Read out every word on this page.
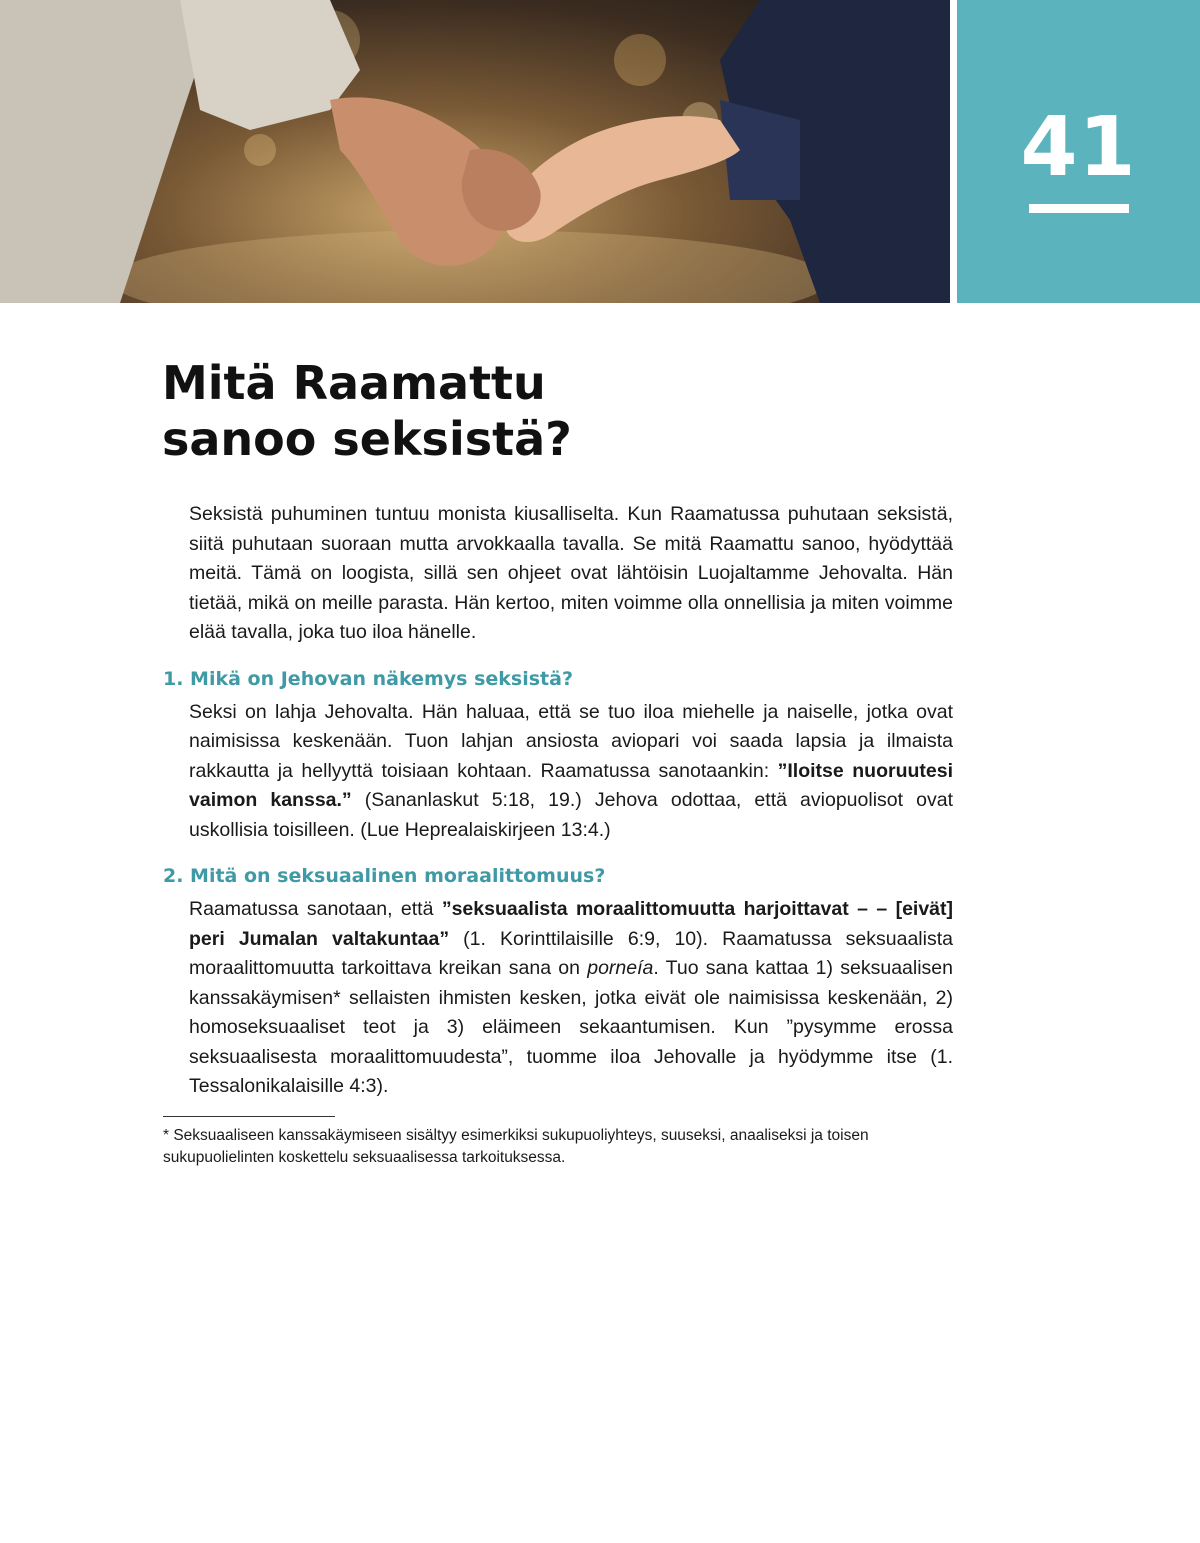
41
Mitä Raamattu
sanoo seksistä?

Seksistä puhuminen tuntuu monista kiusalliselta. Kun Raamatussa puhutaan seksistä, siitä puhutaan suoraan mutta arvokkaalla tavalla. Se mitä Raamattu sanoo, hyödyttää meitä. Tämä on loogista, sillä sen ohjeet ovat lähtöisin Luojaltamme Jehovalta. Hän tietää, mikä on meille parasta. Hän kertoo, miten voimme olla onnellisia ja miten voimme elää tavalla, joka tuo iloa hänelle.

1. Mikä on Jehovan näkemys seksistä?

Seksi on lahja Jehovalta. Hän haluaa, että se tuo iloa miehelle ja naiselle, jotka ovat naimisissa keskenään. Tuon lahjan ansiosta aviopari voi saada lapsia ja ilmaista rakkautta ja hellyyttä toisiaan kohtaan. Raamatussa sanotaankin: ”Iloitse nuoruutesi vaimon kanssa.” (Sananlaskut 5:18, 19.) Jehova odottaa, että aviopuolisot ovat uskollisia toisilleen. (Lue Heprealaiskirjeen 13:4.)

2. Mitä on seksuaalinen moraalittomuus?

Raamatussa sanotaan, että ”seksuaalista moraalittomuutta harjoittavat – – [eivät] peri Jumalan valtakuntaa” (1. Korinttilaisille 6:9, 10). Raamatussa seksuaalista moraalittomuutta tarkoittava kreikan sana on porneía. Tuo sana kattaa 1) seksuaalisen kanssakäymisen* sellaisten ihmisten kesken, jotka eivät ole naimisissa keskenään, 2) homoseksuaaliset teot ja 3) eläimeen sekaantumisen. Kun ”pysymme erossa seksuaalisesta moraalittomuudesta”, tuomme iloa Jehovalle ja hyödymme itse (1. Tessalonikalaisille 4:3).

* Seksuaaliseen kanssakäymiseen sisältyy esimerkiksi sukupuoliyhteys, suuseksi, anaaliseksi ja toisen sukupuolielinten koskettelu seksuaalisessa tarkoituksessa.
